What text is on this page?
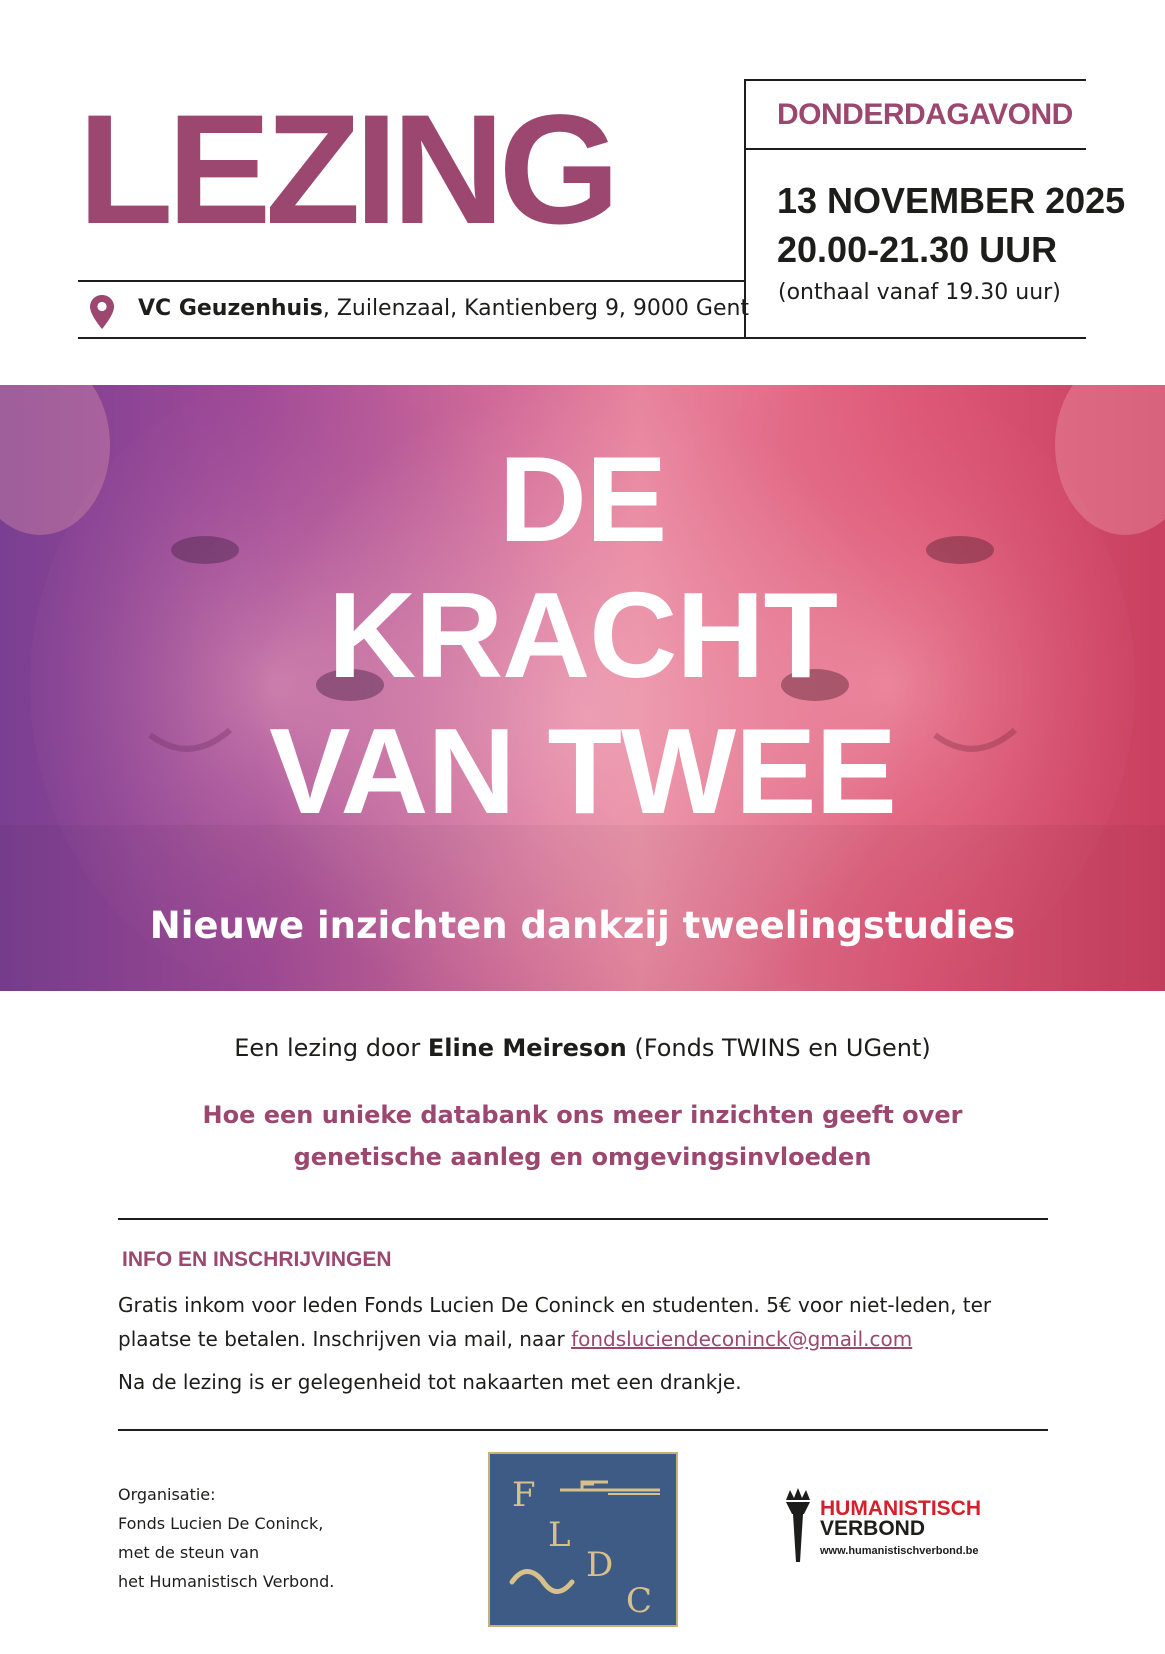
LEZING	DONDERDAGAVOND
13 NOVEMBER 2025
20.00-21.30 UUR
(onthaal vanaf 19.30 uur)
VC Geuzenhuis, Zuilenzaal, Kantienberg 9, 9000 Gent
DE
KRACHT
VAN TWEE
Nieuwe inzichten dankzij tweelingstudies
Een lezing door Eline Meireson (Fonds TWINS en UGent)
Hoe een unieke databank ons meer inzichten geeft over
genetische aanleg en omgevingsinvloeden
INFO EN INSCHRIJVINGEN
Gratis inkom voor leden Fonds Lucien De Coninck en studenten. 5€ voor niet-leden, ter plaatse te betalen. Inschrijven via mail, naar fondsluciendeconinck@gmail.com
Na de lezing is er gelegenheid tot nakaarten met een drankje.
Organisatie:
Fonds Lucien De Coninck,
met de steun van
het Humanistisch Verbond.
F
L
D
C
HUMANISTISCH
VERBOND
www.humanistischverbond.be
